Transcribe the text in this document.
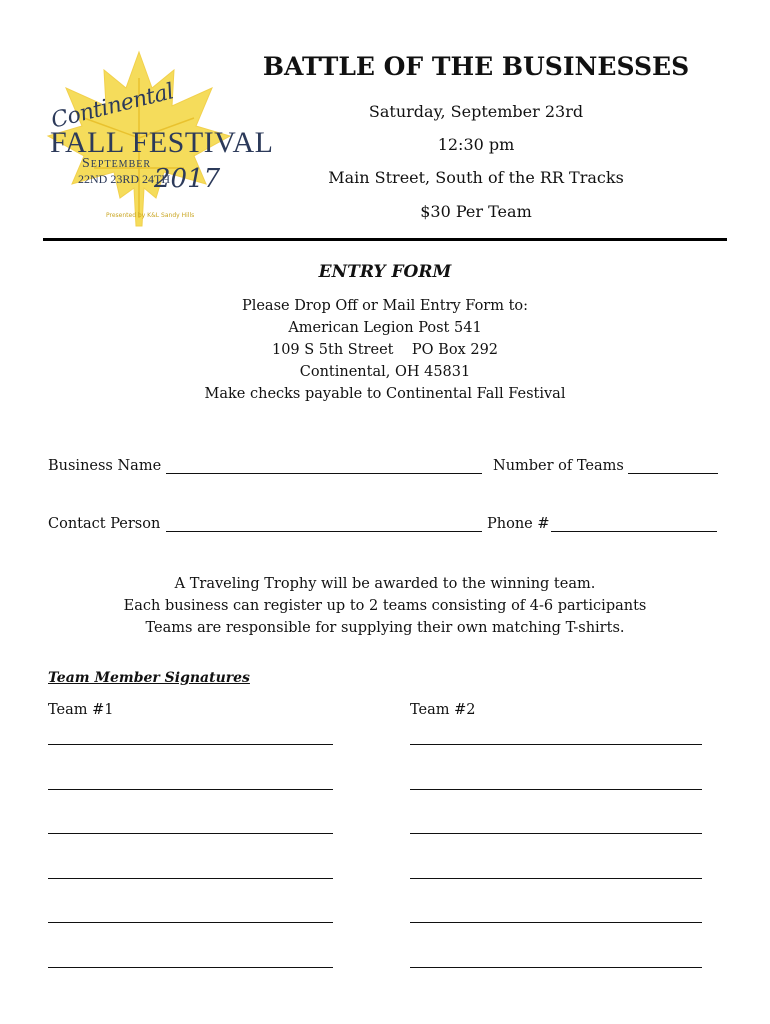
Continental
FALL FESTIVAL
September
22ND 23RD 24TH
2017
Presented by K&L Sandy Hills
BATTLE OF THE BUSINESSES
Saturday, September 23rd
12:30 pm
Main Street, South of the RR Tracks
$30 Per Team
ENTRY FORM
Please Drop Off or Mail Entry Form to:
American Legion Post 541
109 S 5th Street    PO Box 292
Continental, OH 45831
Make checks payable to Continental Fall Festival
Business Name	Number of Teams
Contact Person	Phone #
A Traveling Trophy will be awarded to the winning team.
Each business can register up to 2 teams consisting of 4-6 participants
Teams are responsible for supplying their own matching T-shirts.
Team Member Signatures
Team #1	Team #2
